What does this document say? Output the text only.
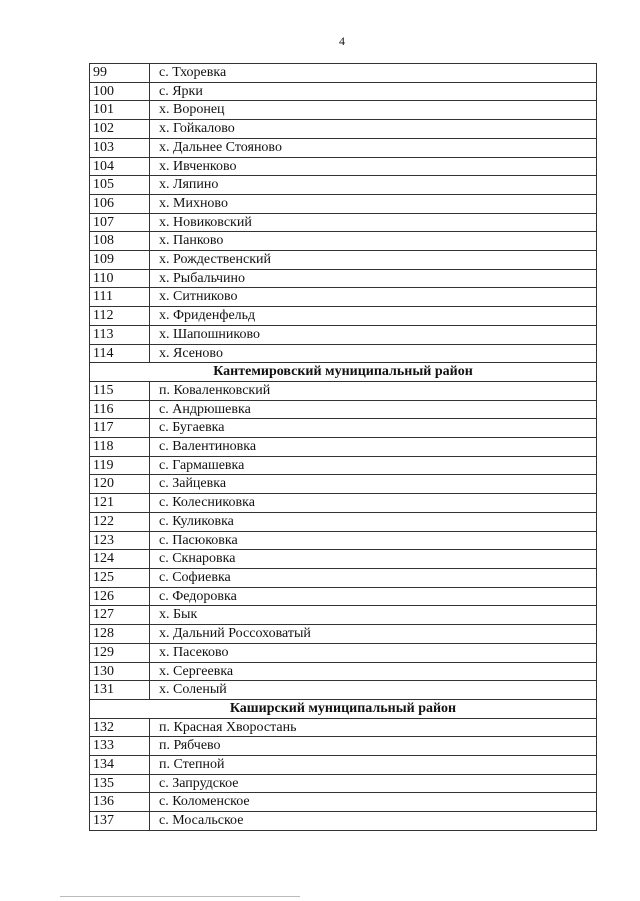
4
99	с. Тхоревка
100	с. Ярки
101	х. Воронец
102	х. Гойкалово
103	х. Дальнее Стояново
104	х. Ивченково
105	х. Ляпино
106	х. Михново
107	х. Новиковский
108	х. Панково
109	х. Рождественский
110	х. Рыбальчино
111	х. Ситниково
112	х. Фриденфельд
113	х. Шапошниково
114	х. Ясеново
Кантемировский муниципальный район	
115	п. Коваленковский
116	с. Андрюшевка
117	с. Бугаевка
118	с. Валентиновка
119	с. Гармашевка
120	с. Зайцевка
121	с. Колесниковка
122	с. Куликовка
123	с. Пасюковка
124	с. Скнаровка
125	с. Софиевка
126	с. Федоровка
127	х. Бык
128	х. Дальний Россоховатый
129	х. Пасеково
130	х. Сергеевка
131	х. Соленый
Каширский муниципальный район	
132	п. Красная Хворостань
133	п. Рябчево
134	п. Степной
135	с. Запрудское
136	с. Коломенское
137	с. Мосальское
